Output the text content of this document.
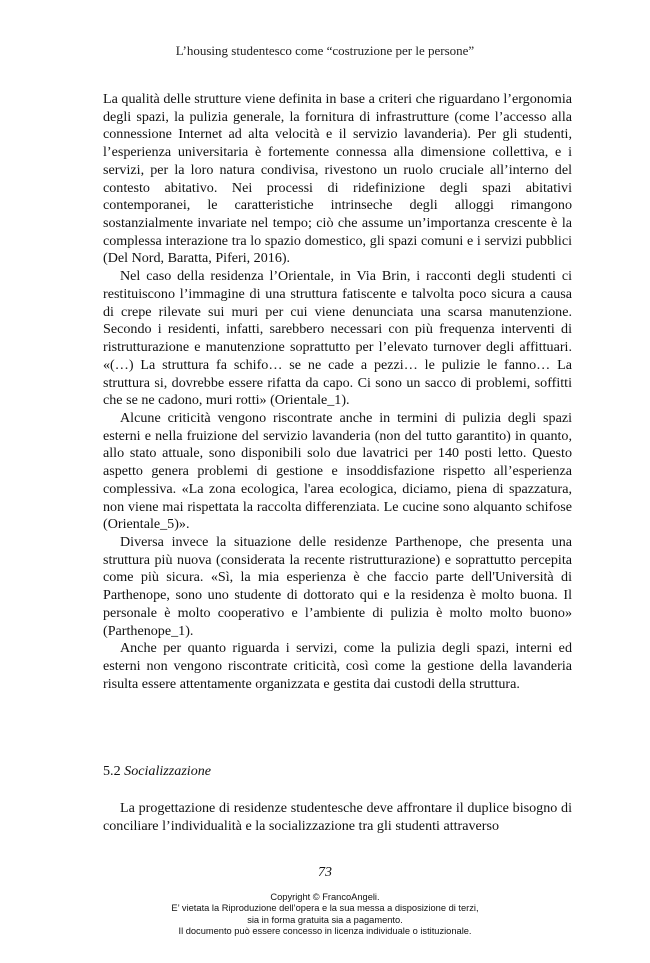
L’housing studentesco come “costruzione per le persone”

La qualità delle strutture viene definita in base a criteri che riguardano l’ergonomia degli spazi, la pulizia generale, la fornitura di infrastrutture (come l’accesso alla connessione Internet ad alta velocità e il servizio lavanderia). Per gli studenti, l’esperienza universitaria è fortemente connessa alla dimensione collettiva, e i servizi, per la loro natura condivisa, rivestono un ruolo cruciale all’interno del contesto abitativo. Nei processi di ridefinizione degli spazi abitativi contemporanei, le caratteristiche intrinseche degli alloggi rimangono sostanzialmente invariate nel tempo; ciò che assume un’importanza crescente è la complessa interazione tra lo spazio domestico, gli spazi comuni e i servizi pubblici (Del Nord, Baratta, Piferi, 2016).

Nel caso della residenza l’Orientale, in Via Brin, i racconti degli studenti ci restituiscono l’immagine di una struttura fatiscente e talvolta poco sicura a causa di crepe rilevate sui muri per cui viene denunciata una scarsa manutenzione. Secondo i residenti, infatti, sarebbero necessari con più frequenza interventi di ristrutturazione e manutenzione soprattutto per l’elevato turnover degli affittuari. «(…) La struttura fa schifo… se ne cade a pezzi… le pulizie le fanno… La struttura si, dovrebbe essere rifatta da capo. Ci sono un sacco di problemi, soffitti che se ne cadono, muri rotti» (Orientale_1).

Alcune criticità vengono riscontrate anche in termini di pulizia degli spazi esterni e nella fruizione del servizio lavanderia (non del tutto garantito) in quanto, allo stato attuale, sono disponibili solo due lavatrici per 140 posti letto. Questo aspetto genera problemi di gestione e insoddisfazione rispetto all’esperienza complessiva. «La zona ecologica, l'area ecologica, diciamo, piena di spazzatura, non viene mai rispettata la raccolta differenziata. Le cucine sono alquanto schifose (Orientale_5)».

Diversa invece la situazione delle residenze Parthenope, che presenta una struttura più nuova (considerata la recente ristrutturazione) e soprattutto percepita come più sicura. «Sì, la mia esperienza è che faccio parte dell'Università di Parthenope, sono uno studente di dottorato qui e la residenza è molto buona. Il personale è molto cooperativo e l’ambiente di pulizia è molto molto buono» (Parthenope_1).

Anche per quanto riguarda i servizi, come la pulizia degli spazi, interni ed esterni non vengono riscontrate criticità, così come la gestione della lavanderia risulta essere attentamente organizzata e gestita dai custodi della struttura.

5.2 Socializzazione

La progettazione di residenze studentesche deve affrontare il duplice bisogno di conciliare l’individualità e la socializzazione tra gli studenti attraverso

73
Copyright © FrancoAngeli.
E’ vietata la Riproduzione dell’opera e la sua messa a disposizione di terzi,
sia in forma gratuita sia a pagamento.
Il documento può essere concesso in licenza individuale o istituzionale.
